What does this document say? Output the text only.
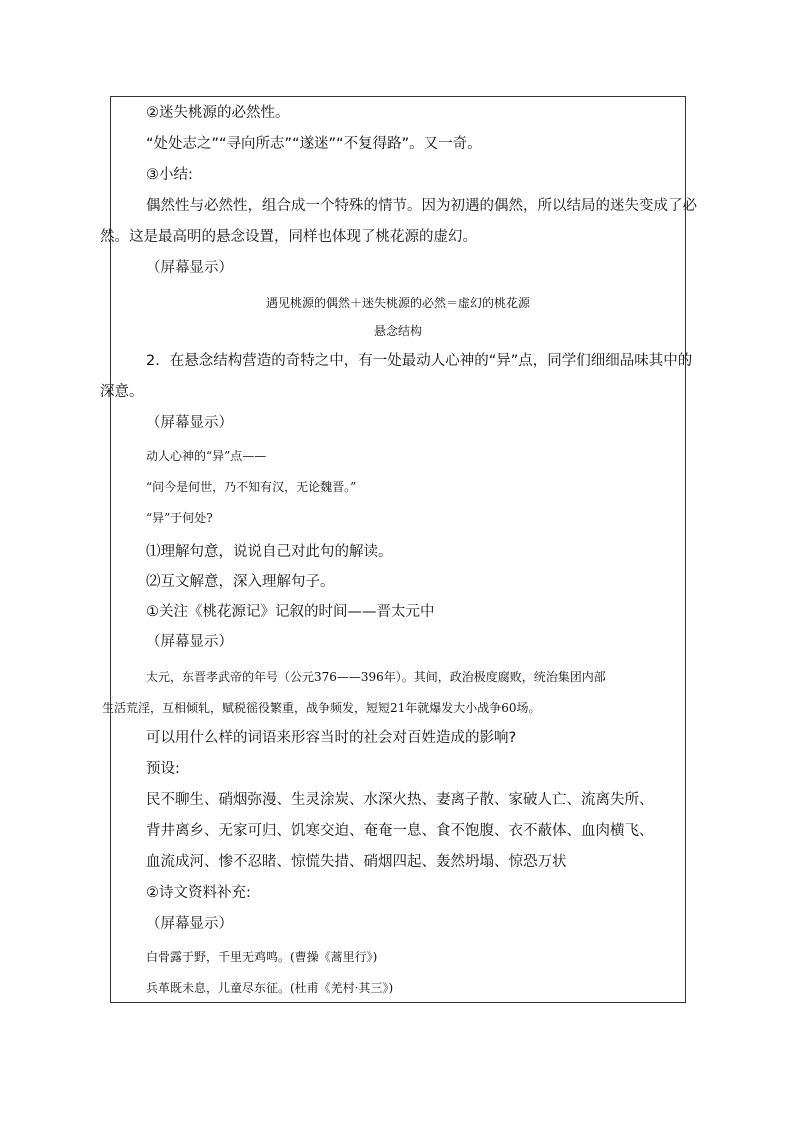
②迷失桃源的必然性。
“处处志之”“寻向所志”“遂迷”“不复得路”。又一奇。
③小结:
偶然性与必然性，组合成一个特殊的情节。因为初遇的偶然，所以结局的迷失变成了必
然。这是最高明的悬念设置，同样也体现了桃花源的虚幻。
（屏幕显示）
遇见桃源的偶然＋迷失桃源的必然＝虚幻的桃花源
悬念结构
2．在悬念结构营造的奇特之中，有一处最动人心神的“异”点，同学们细细品味其中的
深意。
（屏幕显示）
动人心神的“异”点——
“问今是何世，乃不知有汉，无论魏晋。”
“异”于何处?
⑴理解句意，说说自己对此句的解读。
⑵互文解意，深入理解句子。
①关注《桃花源记》记叙的时间——晋太元中
（屏幕显示）
太元，东晋孝武帝的年号（公元376——396年）。其间，政治极度腐败，统治集团内部
生活荒淫，互相倾轧，赋税徭役繁重，战争频发，短短21年就爆发大小战争60场。
可以用什么样的词语来形容当时的社会对百姓造成的影响?
预设:
民不聊生、硝烟弥漫、生灵涂炭、水深火热、妻离子散、家破人亡、流离失所、
背井离乡、无家可归、饥寒交迫、奄奄一息、食不饱腹、衣不蔽体、血肉横飞、
血流成河、惨不忍睹、惊慌失措、硝烟四起、轰然坍塌、惊恐万状
②诗文资料补充:
（屏幕显示）
白骨露于野，千里无鸡鸣。(曹操《蒿里行》)
兵革既未息，儿童尽东征。(杜甫《羌村·其三》)
